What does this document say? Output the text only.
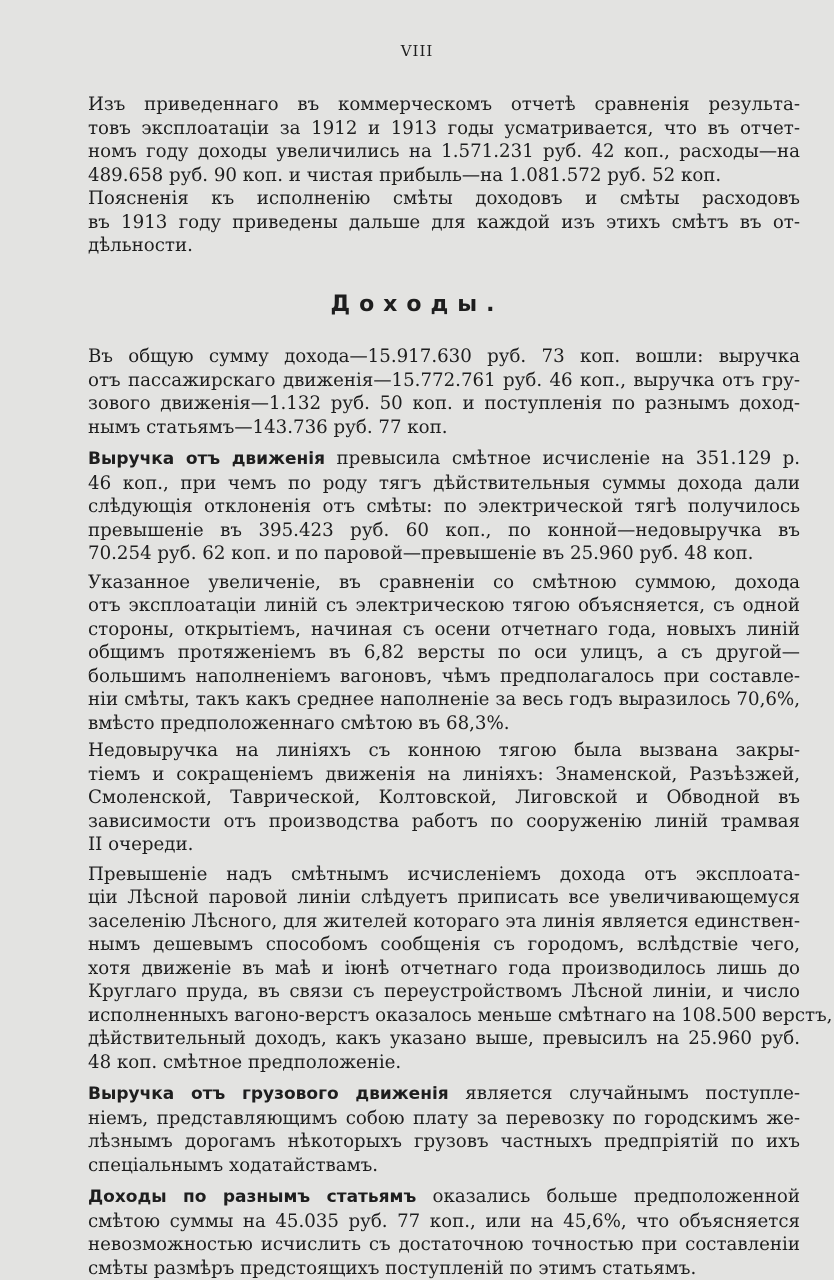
VIII
Изъ приведеннаго въ коммерческомъ отчетѣ сравненія результа-
товъ эксплоатаціи за 1912 и 1913 годы усматривается, что въ отчет-
номъ году доходы увеличились на 1.571.231 руб. 42 коп., расходы—на
489.658 руб. 90 коп. и чистая прибыль—на 1.081.572 руб. 52 коп.
Поясненія къ исполненію смѣты доходовъ и смѣты расходовъ
въ 1913 году приведены дальше для каждой изъ этихъ смѣтъ въ от-
дѣльности.
Доходы.
Въ общую сумму дохода—15.917.630 руб. 73 коп. вошли: выручка
отъ пассажирскаго движенія—15.772.761 руб. 46 коп., выручка отъ гру-
зового движенія—1.132 руб. 50 коп. и поступленія по разнымъ доход-
нымъ статьямъ—143.736 руб. 77 коп.
Выручка отъ движенія превысила смѣтное исчисленіе на 351.129 р.
46 коп., при чемъ по роду тягъ дѣйствительныя суммы дохода дали
слѣдующія отклоненія отъ смѣты: по электрической тягѣ получилось
превышеніе въ 395.423 руб. 60 коп., по конной—недовыручка въ
70.254 руб. 62 коп. и по паровой—превышеніе въ 25.960 руб. 48 коп.
Указанное увеличеніе, въ сравненіи со смѣтною суммою, дохода
отъ эксплоатаціи линій съ электрическою тягою объясняется, съ одной
стороны, открытіемъ, начиная съ осени отчетнаго года, новыхъ линій
общимъ протяженіемъ въ 6,82 версты по оси улицъ, а съ другой—
большимъ наполненіемъ вагоновъ, чѣмъ предполагалось при составле-
ніи смѣты, такъ какъ среднее наполненіе за весь годъ выразилось 70,6%,
вмѣсто предположеннаго смѣтою въ 68,3%.
Недовыручка на линіяхъ съ конною тягою была вызвана закры-
тіемъ и сокращеніемъ движенія на линіяхъ: Знаменской, Разъѣзжей,
Смоленской, Таврической, Колтовской, Лиговской и Обводной въ
зависимости отъ производства работъ по сооруженію линій трамвая
II очереди.
Превышеніе надъ смѣтнымъ исчисленіемъ дохода отъ эксплоата-
ціи Лѣсной паровой линіи слѣдуетъ приписать все увеличивающемуся
заселенію Лѣсного, для жителей котораго эта линія является единствен-
нымъ дешевымъ способомъ сообщенія съ городомъ, вслѣдствіе чего,
хотя движеніе въ маѣ и іюнѣ отчетнаго года производилось лишь до
Круглаго пруда, въ связи съ переустройствомъ Лѣсной линіи, и число
исполненныхъ вагоно-верстъ оказалось меньше смѣтнаго на 108.500 верстъ,
дѣйствительный доходъ, какъ указано выше, превысилъ на 25.960 руб.
48 коп. смѣтное предположеніе.
Выручка отъ грузового движенія является случайнымъ поступле-
ніемъ, представляющимъ собою плату за перевозку по городскимъ же-
лѣзнымъ дорогамъ нѣкоторыхъ грузовъ частныхъ предпріятій по ихъ
спеціальнымъ ходатайствамъ.
Доходы по разнымъ статьямъ оказались больше предположенной
смѣтою суммы на 45.035 руб. 77 коп., или на 45,6%, что объясняется
невозможностью исчислить съ достаточною точностью при составленіи
смѣты размѣръ предстоящихъ поступленій по этимъ статьямъ.
